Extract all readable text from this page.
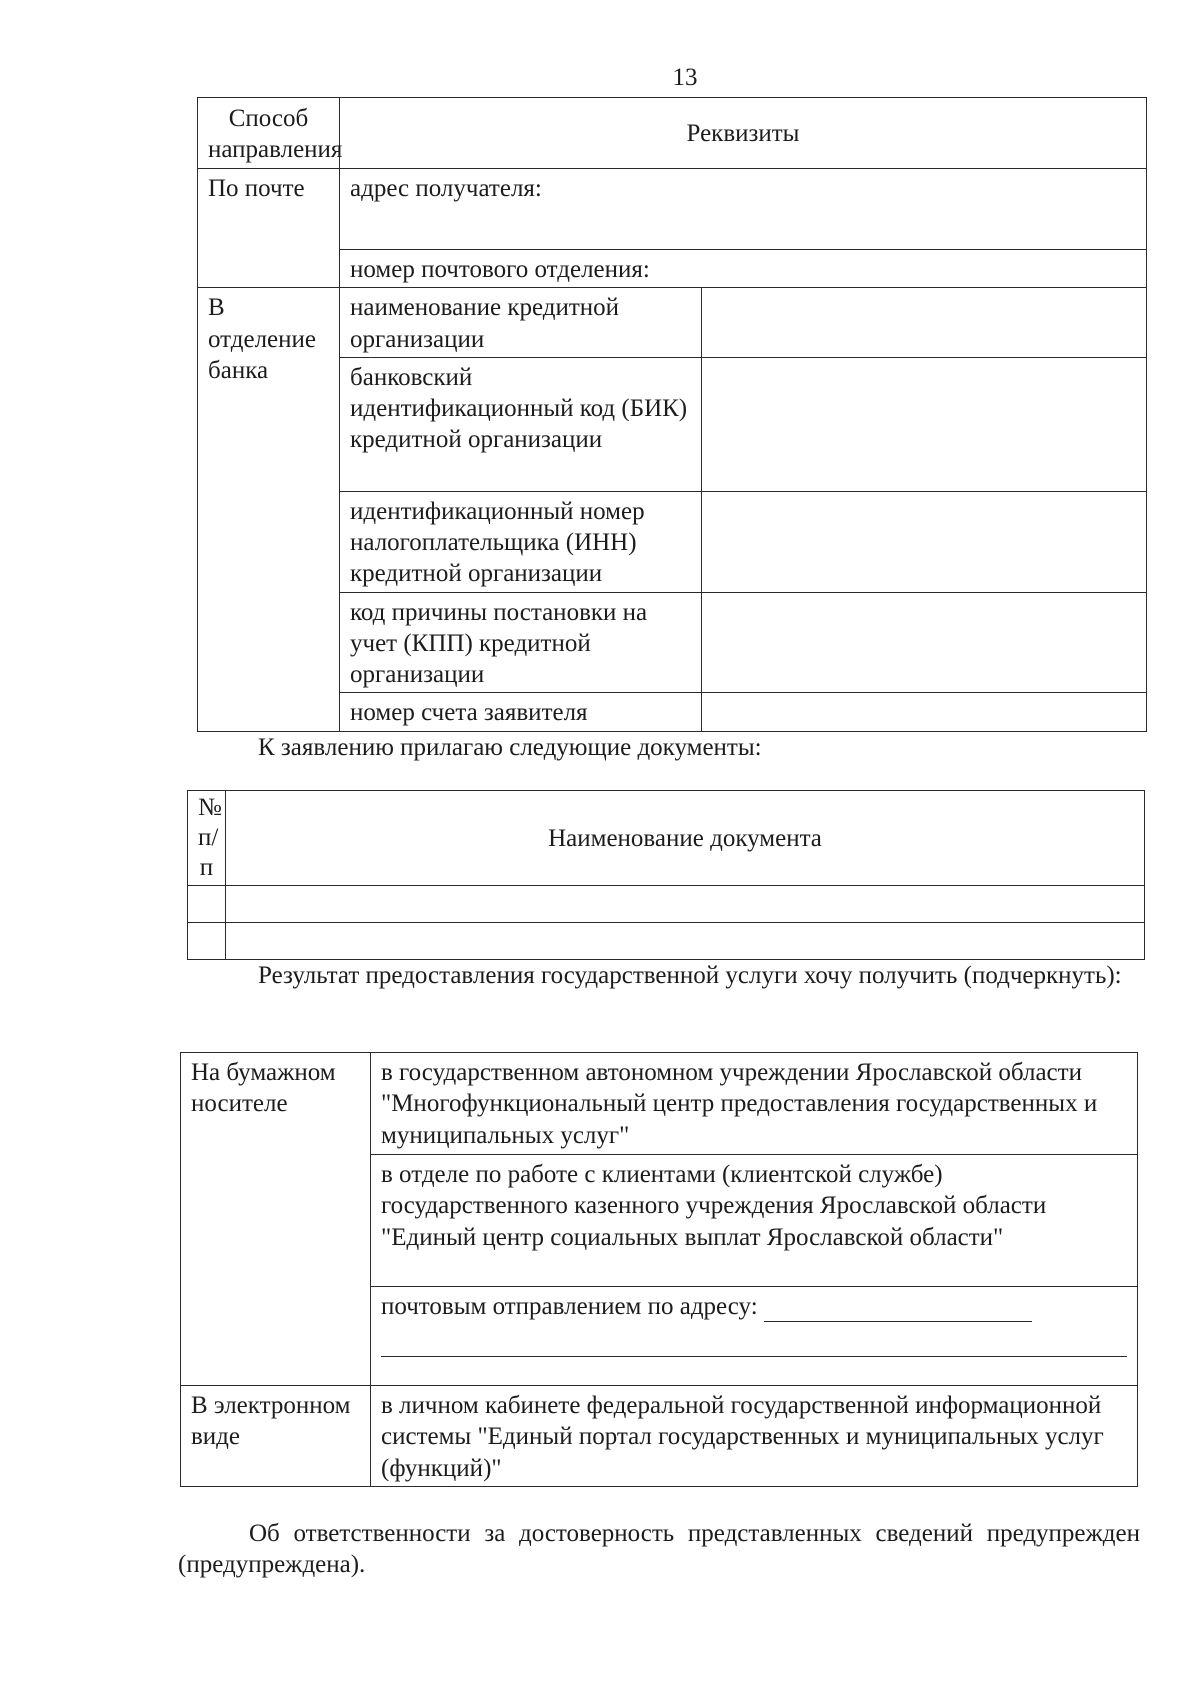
13
Способ направления	Реквизиты	
По почте	адрес получателя:	
	номер почтового отделения:	
В отделение банка	наименование кредитной организации	
	банковский идентификационный код (БИК) кредитной организации	
	идентификационный номер налогоплательщика (ИНН) кредитной организации	
	код причины постановки на учет (КПП) кредитной организации	
	номер счета заявителя	
К заявлению прилагаю следующие документы:
№ п/п	Наименование документа

Результат предоставления государственной услуги хочу получить (подчеркнуть):
На бумажном носителе	в государственном автономном учреждении Ярославской области "Многофункциональный центр предоставления государственных и муниципальных услуг"
	в отделе по работе с клиентами (клиентской службе) государственного казенного учреждения Ярославской области "Единый центр социальных выплат Ярославской области"
	почтовым отправлением по адресу:

В электронном виде	в личном кабинете федеральной государственной информационной системы "Единый портал государственных и муниципальных услуг (функций)"
Об ответственности за достоверность представленных сведений предупрежден (предупреждена).
